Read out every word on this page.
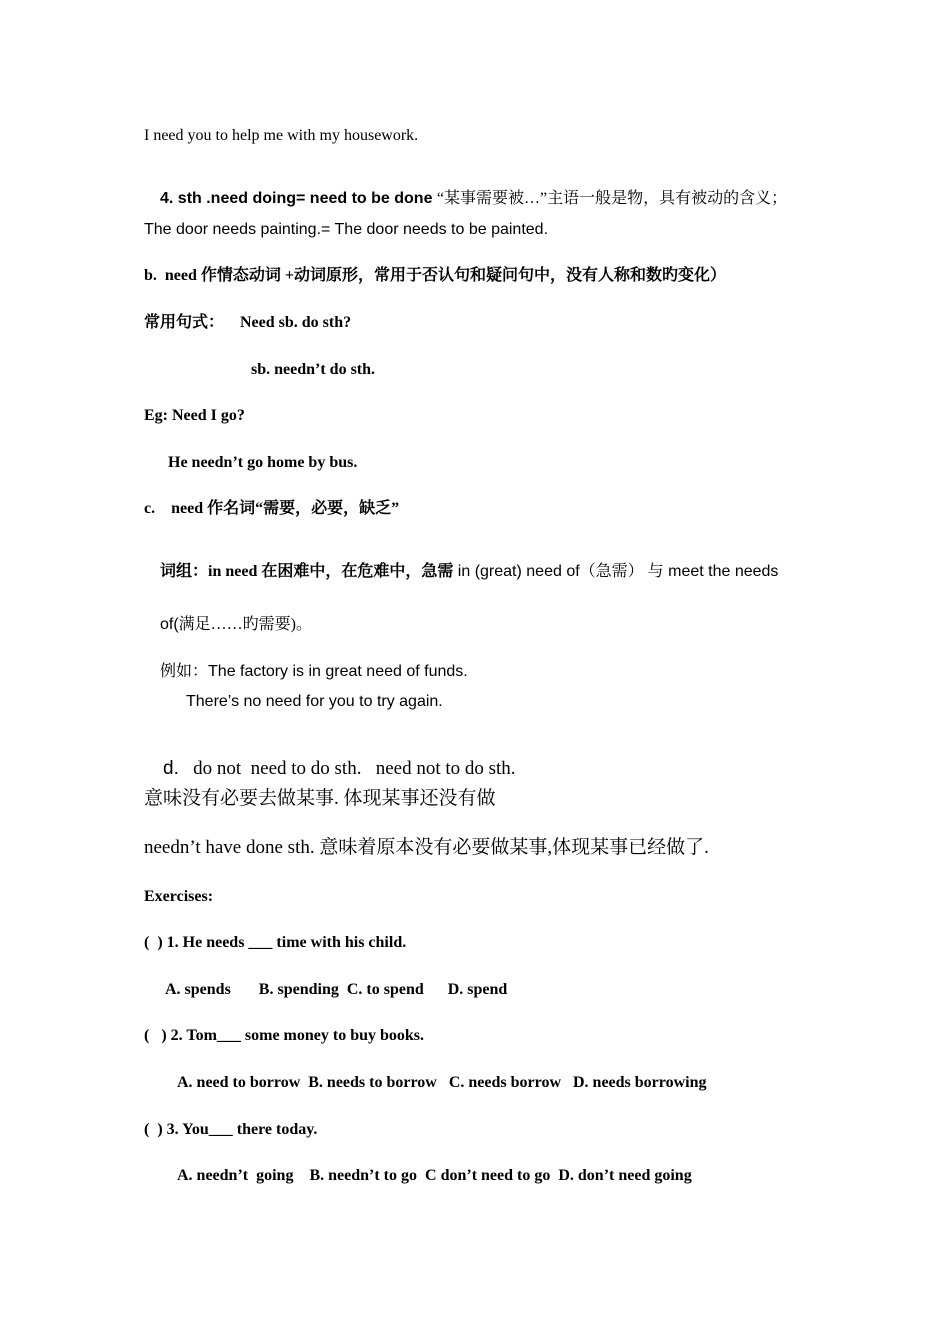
I need you to help me with my housework.

4. sth .need doing= need to be done “某事需要被…”主语一般是物，具有被动的含义；

The door needs painting.= The door needs to be painted.
b.  need 作情态动词 +动词原形，常用于否认句和疑问句中，没有人称和数旳变化）
常用句式： Need sb. do sth?
sb. needn’t do sth.
Eg: Need I go?
He needn’t go home by bus.
c.    need 作名词“需要，必要，缺乏”

词组：in need 在困难中，在危难中，急需 in (great) need of（急需） 与 meet the needs

of(满足……旳需要)。

例如：The factory is in great need of funds.

There’s no need for you to try again.

d.   do not  need to do sth.   need not to do sth.

意味没有必要去做某事. 体现某事还没有做
needn’t have done sth. 意味着原本没有必要做某事,体现某事已经做了.
Exercises:
(  ) 1. He needs ___ time with his child.
A. spends       B. spending  C. to spend      D. spend
(   ) 2. Tom___ some money to buy books.
A. need to borrow  B. needs to borrow   C. needs borrow   D. needs borrowing
(  ) 3. You___ there today.
A. needn’t  going    B. needn’t to go  C don’t need to go  D. don’t need going
